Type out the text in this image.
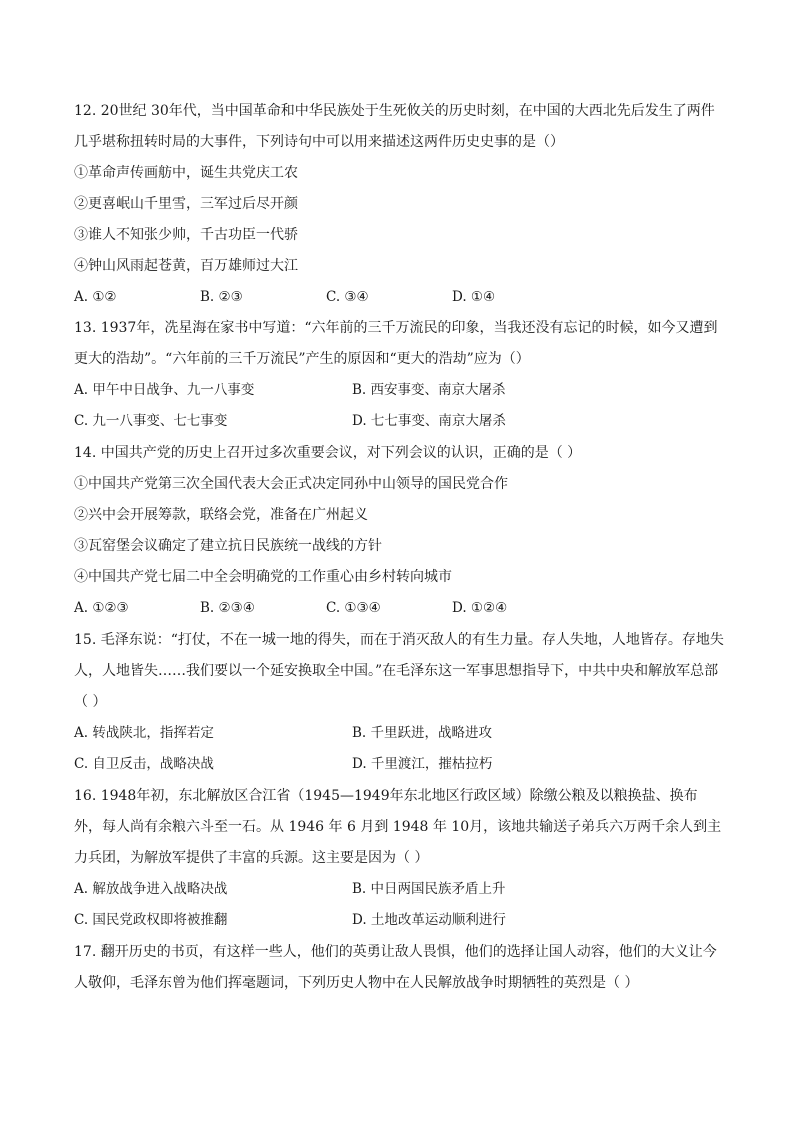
12. 20世纪 30年代，当中国革命和中华民族处于生死攸关的历史时刻，在中国的大西北先后发生了两件几乎堪称扭转时局的大事件，下列诗句中可以用来描述这两件历史史事的是（）

①革命声传画舫中，诞生共党庆工农

②更喜岷山千里雪，三军过后尽开颜

③谁人不知张少帅，千古功臣一代骄

④钟山风雨起苍黄，百万雄师过大江

A. ①②	B. ②③	C. ③④	D. ①④

13. 1937年，冼星海在家书中写道：“六年前的三千万流民的印象，当我还没有忘记的时候，如今又遭到更大的浩劫”。“六年前的三千万流民”产生的原因和“更大的浩劫”应为（）

A. 甲午中日战争、九一八事变	B. 西安事变、南京大屠杀
C. 九一八事变、七七事变	D. 七七事变、南京大屠杀

14. 中国共产党的历史上召开过多次重要会议，对下列会议的认识，正确的是（ ）

①中国共产党第三次全国代表大会正式决定同孙中山领导的国民党合作

②兴中会开展筹款，联络会党，准备在广州起义

③瓦窑堡会议确定了建立抗日民族统一战线的方针

④中国共产党七届二中全会明确党的工作重心由乡村转向城市

A. ①②③	B. ②③④	C. ①③④	D. ①②④

15. 毛泽东说：“打仗，不在一城一地的得失，而在于消灭敌人的有生力量。存人失地，人地皆存。存地失人，人地皆失……我们要以一个延安换取全中国。”在毛泽东这一军事思想指导下，中共中央和解放军总部（ ）

A. 转战陕北，指挥若定	B. 千里跃进，战略进攻
C. 自卫反击，战略决战	D. 千里渡江，摧枯拉朽

16. 1948年初，东北解放区合江省（1945—1949年东北地区行政区域）除缴公粮及以粮换盐、换布外，每人尚有余粮六斗至一石。从 1946 年 6 月到 1948 年 10月，该地共输送子弟兵六万两千余人到主力兵团，为解放军提供了丰富的兵源。这主要是因为（ ）

A. 解放战争进入战略决战	B. 中日两国民族矛盾上升
C. 国民党政权即将被推翻	D. 土地改革运动顺利进行

17. 翻开历史的书页，有这样一些人，他们的英勇让敌人畏惧，他们的选择让国人动容，他们的大义让今人敬仰，毛泽东曾为他们挥毫题词，下列历史人物中在人民解放战争时期牺牲的英烈是（ ）
